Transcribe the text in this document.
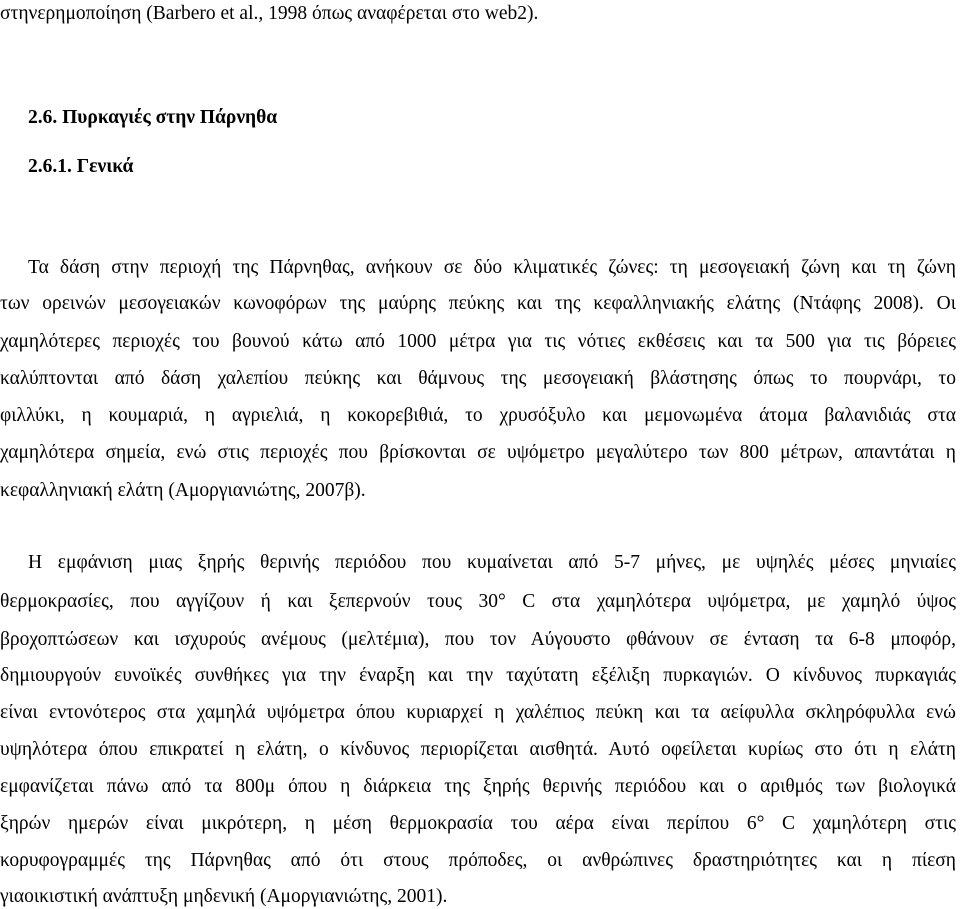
στηνερημοποίηση (Barbero et al., 1998 όπως αναφέρεται στο web2).
2.6. Πυρκαγιές στην Πάρνηθα
2.6.1. Γενικά
Τα δάση στην περιοχή της Πάρνηθας, ανήκουν σε δύο κλιματικές ζώνες: τη μεσογειακή ζώνη και τη ζώνη
των ορεινών μεσογειακών κωνοφόρων της μαύρης πεύκης και της κεφαλληνιακής ελάτης (Ντάφης 2008). Οι
χαμηλότερες περιοχές του βουνού κάτω από 1000 μέτρα για τις νότιες εκθέσεις και τα 500 για τις βόρειες
καλύπτονται από δάση χαλεπίου πεύκης και θάμνους της μεσογειακή βλάστησης όπως το πουρνάρι, το
φιλλύκι, η κουμαριά, η αγριελιά, η κοκορεβιθιά, το χρυσόξυλο και μεμονωμένα άτομα βαλανιδιάς στα
χαμηλότερα σημεία, ενώ στις περιοχές που βρίσκονται σε υψόμετρο μεγαλύτερο των 800 μέτρων, απαντάται η
κεφαλληνιακή ελάτη (Αμοργιανιώτης, 2007β).
Η εμφάνιση μιας ξηρής θερινής περιόδου που κυμαίνεται από 5-7 μήνες, με υψηλές μέσες μηνιαίες
θερμοκρασίες, που αγγίζουν ή και ξεπερνούν τους 30° C στα χαμηλότερα υψόμετρα, με χαμηλό ύψος
βροχοπτώσεων και ισχυρούς ανέμους (μελτέμια), που τον Αύγουστο φθάνουν σε ένταση τα 6-8 μποφόρ,
δημιουργούν ευνοϊκές συνθήκες για την έναρξη και την ταχύτατη εξέλιξη πυρκαγιών. Ο κίνδυνος πυρκαγιάς
είναι εντονότερος στα χαμηλά υψόμετρα όπου κυριαρχεί η χαλέπιος πεύκη και τα αείφυλλα σκληρόφυλλα ενώ
υψηλότερα όπου επικρατεί η ελάτη, ο κίνδυνος περιορίζεται αισθητά. Αυτό οφείλεται κυρίως στο ότι η ελάτη
εμφανίζεται πάνω από τα 800μ όπου η διάρκεια της ξηρής θερινής περιόδου και ο αριθμός των βιολογικά
ξηρών ημερών είναι μικρότερη, η μέση θερμοκρασία του αέρα είναι περίπου 6° C χαμηλότερη στις
κορυφογραμμές της Πάρνηθας από ότι στους πρόποδες, οι ανθρώπινες δραστηριότητες και η πίεση
γιαοικιστική ανάπτυξη μηδενική (Αμοργιανιώτης, 2001).
